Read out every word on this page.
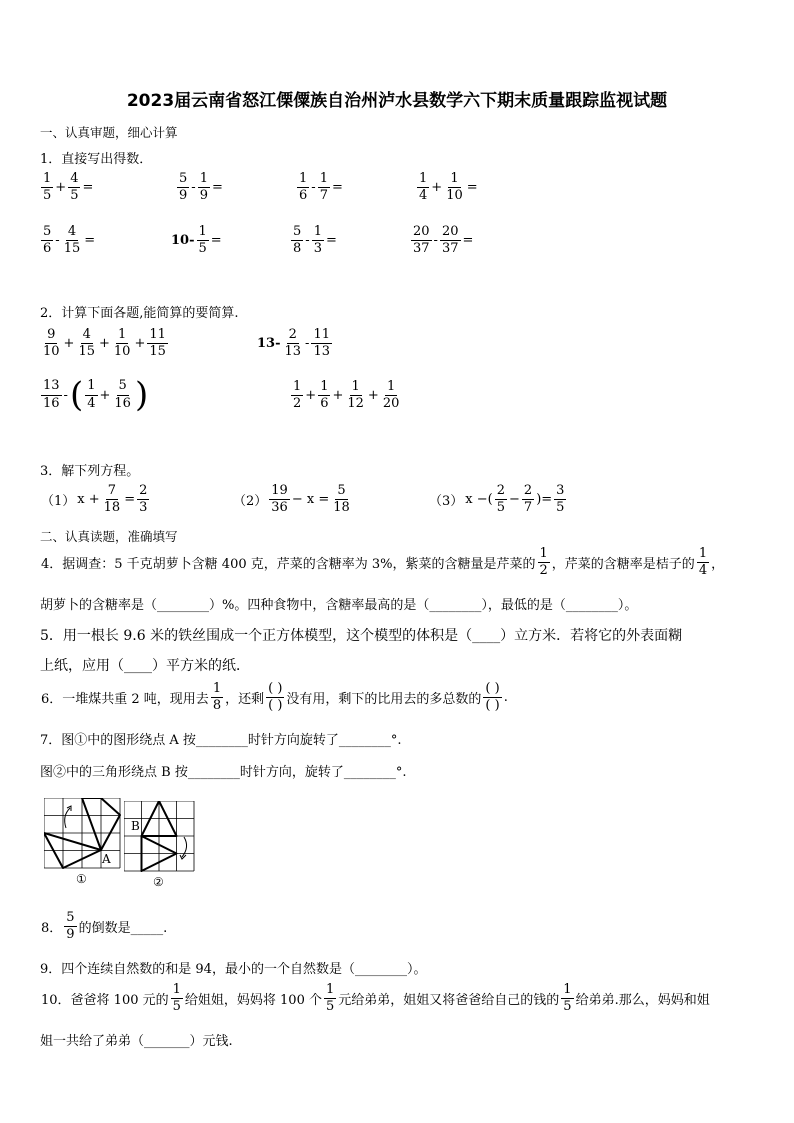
2023届云南省怒江傈僳族自治州泸水县数学六下期末质量跟踪监视试题
一、认真审题，细心计算
1．直接写出得数．
$\frac{1}{5} + \frac{4}{5}$ =	$\frac{5}{9} - \frac{1}{9}$ =	$\frac{1}{6} - \frac{1}{7}$ =	$\frac{1}{4} + \frac{1}{10}$ =
$\frac{5}{6} - \frac{4}{15}$ =	$10- \frac{1}{5}$ =	$\frac{5}{8} - \frac{1}{3}$ =	$\frac{20}{37} - \frac{20}{37}$ =
2．计算下面各题,能简算的要简算.
$\frac{9}{10} + \frac{4}{15} + \frac{1}{10} + \frac{11}{15}$	$13- \frac{2}{13} - \frac{11}{13}$
$\frac{13}{16}$ - ( $\frac{1}{4} + \frac{5}{16}$ )	$\frac{1}{2} + \frac{1}{6} + \frac{1}{12} + \frac{1}{20}$
3．解下列方程。
（1） $x + \frac{7}{18} = \frac{2}{3}$	$(2) \frac{19}{36} - x = \frac{5}{18}$	（3） x −( $\frac{2}{5} - \frac{2}{7}$ )= $\frac{3}{5}$
二、认真读题，准确填写
4．据调查：5 千克胡萝卜含糖 400 克，芹菜的含糖率为 3%，紫菜的含糖量是芹菜的 $\frac{1}{2}$ ，芹菜的含糖率是桔子的 $\frac{1}{4}$ ，
胡萝卜的含糖率是（________）%。四种食物中，含糖率最高的是（________），最低的是（________）。
5．用一根长 9.6 米的铁丝围成一个正方体模型，这个模型的体积是（____）立方米．若将它的外表面糊
上纸，应用（____）平方米的纸．
6．一堆煤共重 2 吨，现用去 $\frac{1}{8}$ ，还剩 $\frac{( )}{( )}$ 没有用，剩下的比用去的多总数的 $\frac{( )}{( )}$ .
7．图①中的图形绕点 A 按________时针方向旋转了________°.
图②中的三角形绕点 B 按________时针方向，旋转了________°.
A
①
B
②
8． $\frac{5}{9}$ 的倒数是_____.
9．四个连续自然数的和是 94，最小的一个自然数是（________）。
10．爸爸将 100 元的 $\frac{1}{5}$ 给姐姐，妈妈将 100 个 $\frac{1}{5}$ 元给弟弟，姐姐又将爸爸给自己的钱的 $\frac{1}{5}$ 给弟弟.那么，妈妈和姐
姐一共给了弟弟（_______）元钱.
